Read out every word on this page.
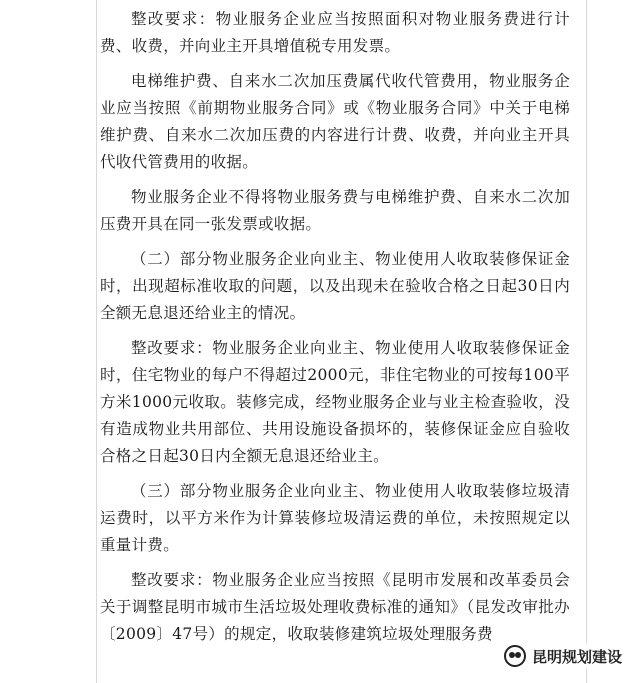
整改要求：物业服务企业应当按照面积对物业服务费进行计费、收费，并向业主开具增值税专用发票。

电梯维护费、自来水二次加压费属代收代管费用，物业服务企业应当按照《前期物业服务合同》或《物业服务合同》中关于电梯维护费、自来水二次加压费的内容进行计费、收费，并向业主开具代收代管费用的收据。

物业服务企业不得将物业服务费与电梯维护费、自来水二次加压费开具在同一张发票或收据。

（二）部分物业服务企业向业主、物业使用人收取装修保证金时，出现超标准收取的问题，以及出现未在验收合格之日起30日内全额无息退还给业主的情况。

整改要求：物业服务企业向业主、物业使用人收取装修保证金时，住宅物业的每户不得超过2000元，非住宅物业的可按每100平方米1000元收取。装修完成，经物业服务企业与业主检查验收，没有造成物业共用部位、共用设施设备损坏的，装修保证金应自验收合格之日起30日内全额无息退还给业主。

（三）部分物业服务企业向业主、物业使用人收取装修垃圾清运费时，以平方米作为计算装修垃圾清运费的单位，未按照规定以重量计费。

整改要求：物业服务企业应当按照《昆明市发展和改革委员会关于调整昆明市城市生活垃圾处理收费标准的通知》（昆发改审批办〔2009〕47号）的规定，收取装修建筑垃圾处理服务费

昆明规划建设
